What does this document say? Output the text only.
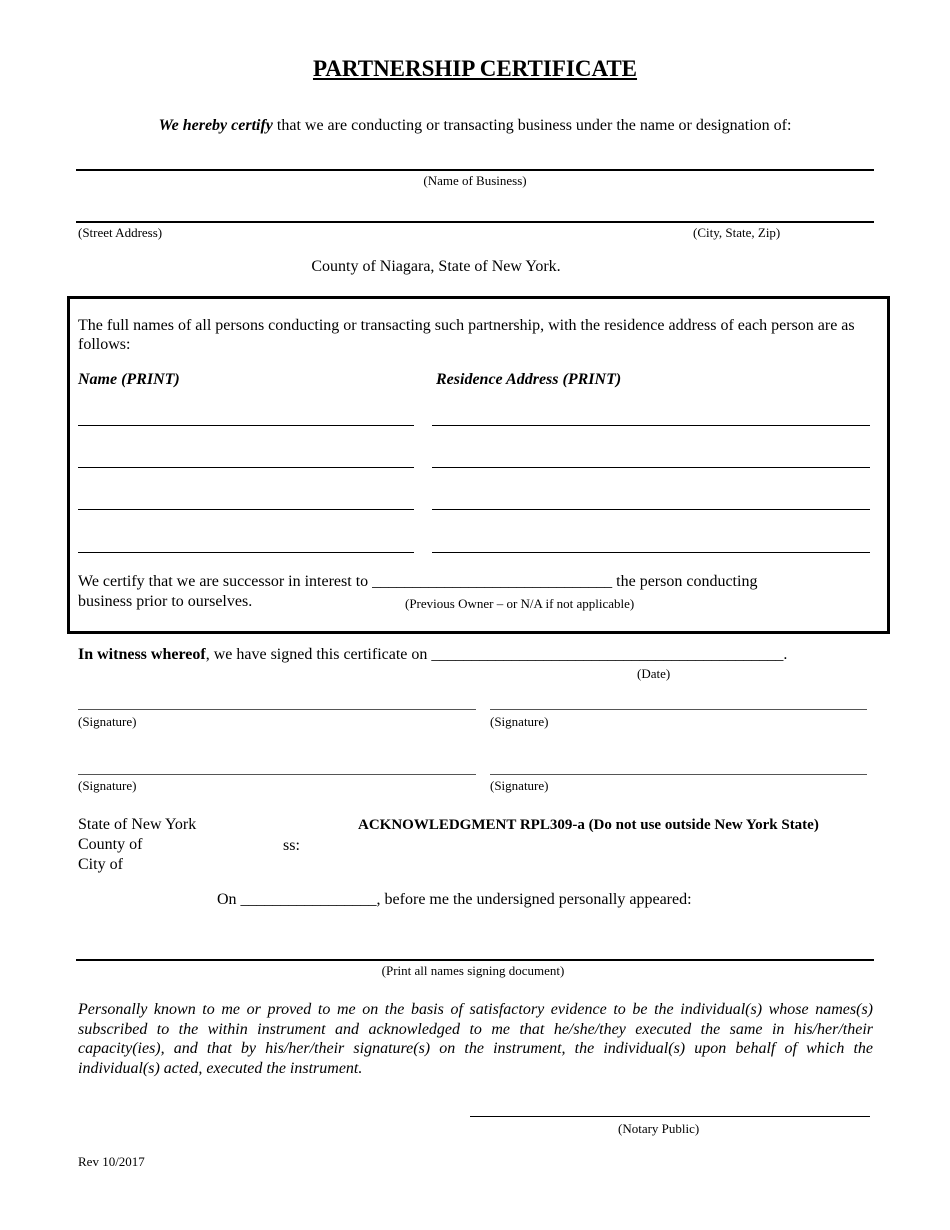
PARTNERSHIP CERTIFICATE
We hereby certify that we are conducting or transacting business under the name or designation of:
(Name of Business)
(Street Address)	(City, State, Zip)
County of Niagara, State of New York.
The full names of all persons conducting or transacting such partnership, with the residence address of each person are as follows:
Name (PRINT)	Residence Address (PRINT)
We certify that we are successor in interest to ______________________________ the person conducting
business prior to ourselves.	(Previous Owner – or N/A if not applicable)
In witness whereof, we have signed this certificate on ____________________________________________.
(Date)
(Signature)	(Signature)
(Signature)	(Signature)
State of New York
County of
City of
ss:
ACKNOWLEDGMENT RPL309-a (Do not use outside New York State)
On _________________, before me the undersigned personally appeared:
(Print all names signing document)
Personally known to me or proved to me on the basis of satisfactory evidence to be the individual(s) whose names(s) subscribed to the within instrument and acknowledged to me that he/she/they executed the same in his/her/their capacity(ies), and that by his/her/their signature(s) on the instrument, the individual(s) upon behalf of which the individual(s) acted, executed the instrument.
(Notary Public)
Rev 10/2017
